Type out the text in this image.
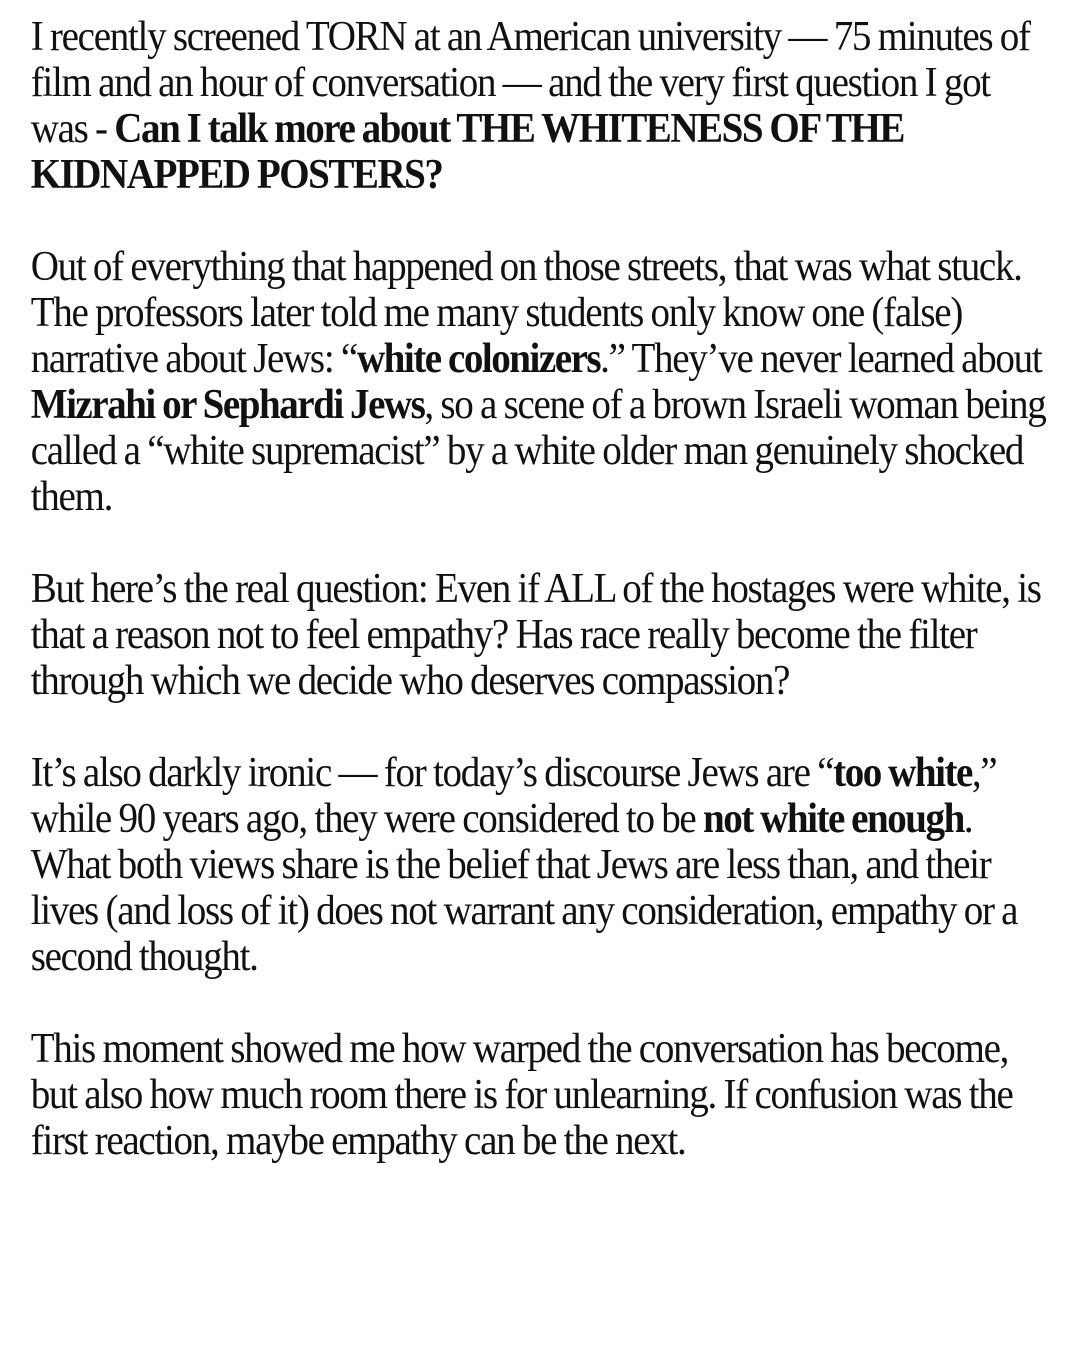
I recently screened TORN at an American university — 75 minutes of film and an hour of conversation — and the very first question I got was - Can I talk more about THE WHITENESS OF THE KIDNAPPED POSTERS?

Out of everything that happened on those streets, that was what stuck. The professors later told me many students only know one (false) narrative about Jews: “white colonizers.” They’ve never learned about Mizrahi or Sephardi Jews, so a scene of a brown Israeli woman being called a “white supremacist” by a white older man genuinely shocked them.

But here’s the real question: Even if ALL of the hostages were white, is that a reason not to feel empathy? Has race really become the filter through which we decide who deserves compassion?

It’s also darkly ironic — for today’s discourse Jews are “too white,” while 90 years ago, they were considered to be not white enough. What both views share is the belief that Jews are less than, and their lives (and loss of it) does not warrant any consideration, empathy or a second thought.

This moment showed me how warped the conversation has become, but also how much room there is for unlearning. If confusion was the first reaction, maybe empathy can be the next.
